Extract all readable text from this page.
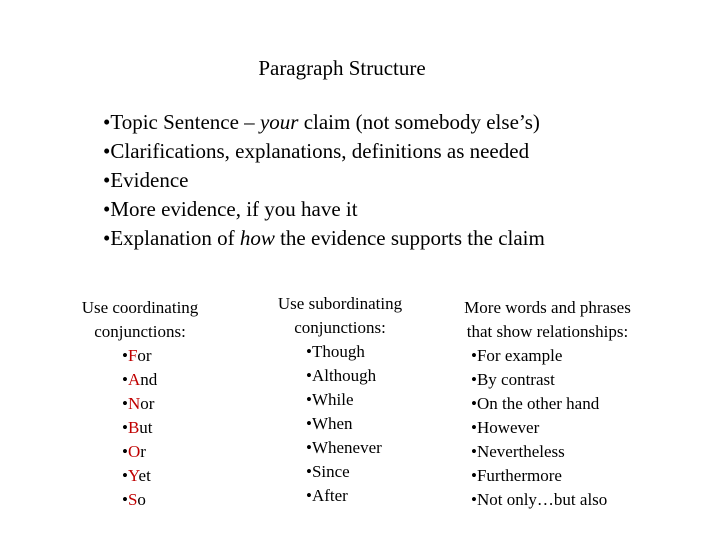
Paragraph Structure
•Topic Sentence – your claim (not somebody else’s)
•Clarifications, explanations, definitions as needed
•Evidence
•More evidence, if you have it
•Explanation of how the evidence supports the claim
Use coordinating
conjunctions:
•For
•And
•Nor
•But
•Or
•Yet
•So
Use subordinating
conjunctions:
•Though
•Although
•While
•When
•Whenever
•Since
•After
More words and phrases
that show relationships:
•For example
•By contrast
•On the other hand
•However
•Nevertheless
•Furthermore
•Not only…but also
